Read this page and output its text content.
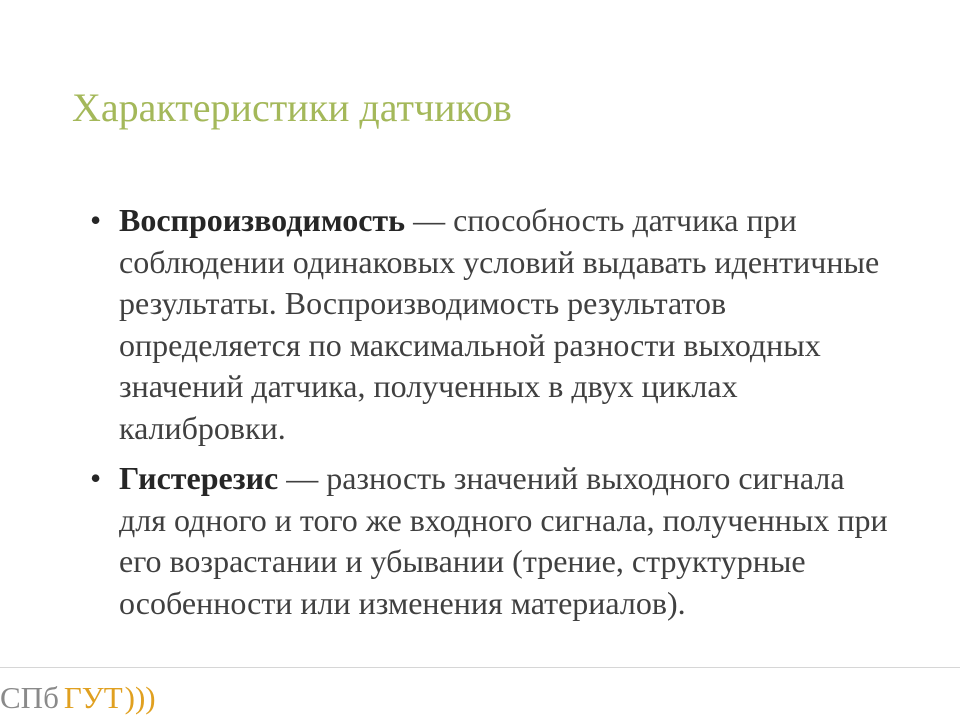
Характеристики датчиков
• Воспроизводимость — способность датчика при соблюдении одинаковых условий выдавать идентичные результаты. Воспроизводимость результатов определяется по максимальной разности выходных значений датчика, полученных в двух циклах калибровки.
• Гистерезис — разность значений выходного сигнала для одного и того же входного сигнала, полученных при его возрастании и убывании (трение, структурные особенности или изменения материалов).
СПб ГУТ)))
